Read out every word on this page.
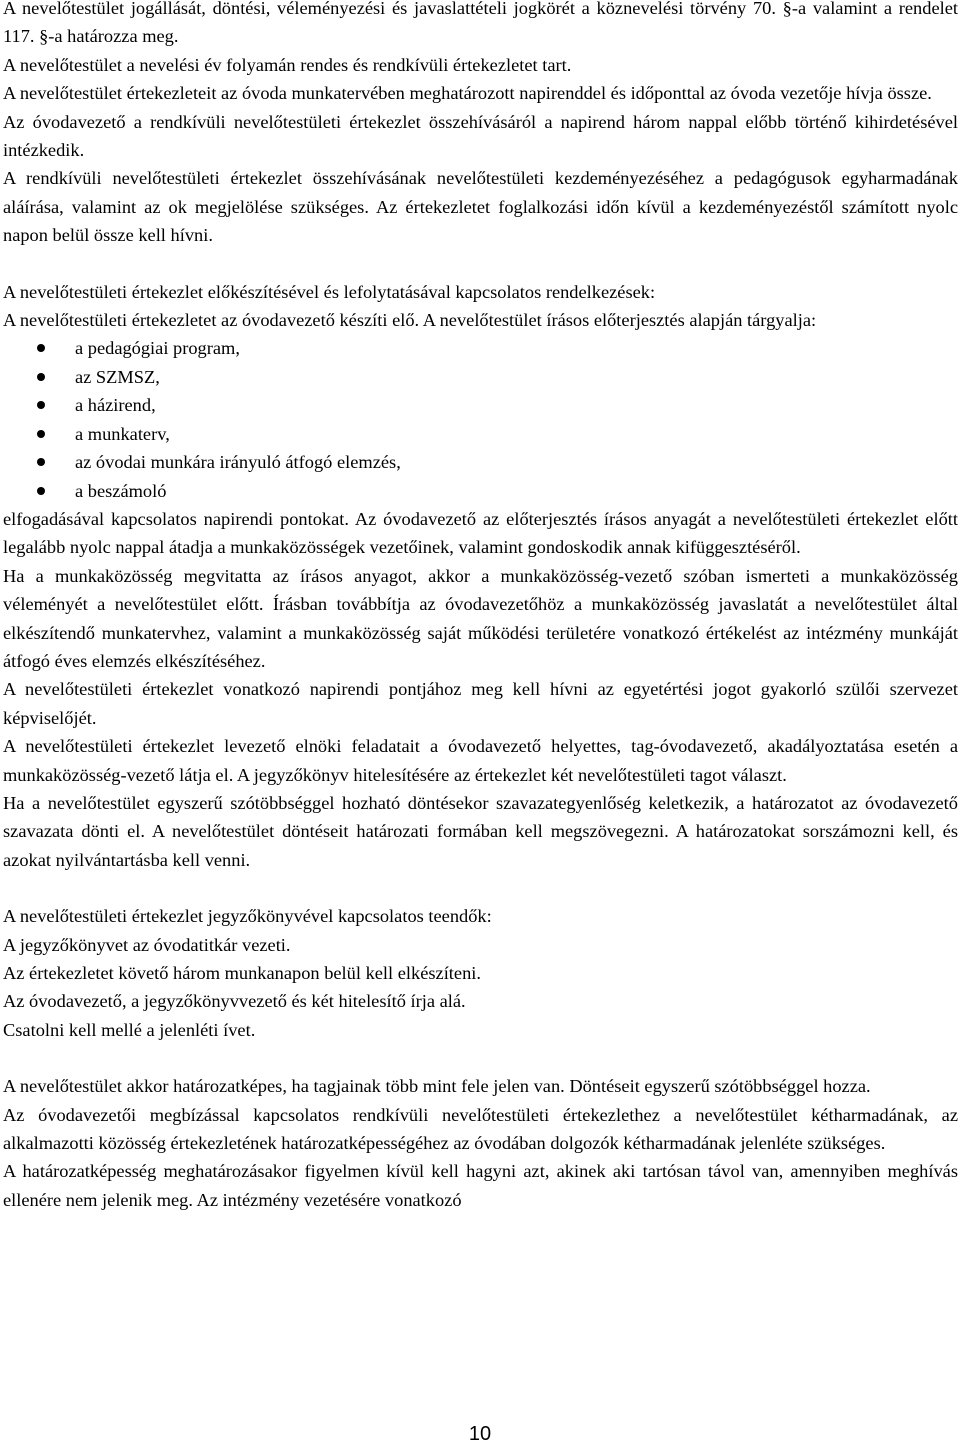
A nevelőtestület jogállását, döntési, véleményezési és javaslattételi jogkörét a köznevelési törvény 70. §-a valamint a rendelet 117. §-a határozza meg.

A nevelőtestület a nevelési év folyamán rendes és rendkívüli értekezletet tart.

A nevelőtestület értekezleteit az óvoda munkatervében meghatározott napirenddel és időponttal az óvoda vezetője hívja össze.

Az óvodavezető a rendkívüli nevelőtestületi értekezlet összehívásáról a napirend három nappal előbb történő kihirdetésével intézkedik.

A rendkívüli nevelőtestületi értekezlet összehívásának nevelőtestületi kezdeményezéséhez a pedagógusok egyharmadának aláírása, valamint az ok megjelölése szükséges. Az értekezletet foglalkozási időn kívül a kezdeményezéstől számított nyolc napon belül össze kell hívni.

A nevelőtestületi értekezlet előkészítésével és lefolytatásával kapcsolatos rendelkezések:

A nevelőtestületi értekezletet az óvodavezető készíti elő. A nevelőtestület írásos előterjesztés alapján tárgyalja:

a pedagógiai program,
az SZMSZ,
a házirend,
a munkaterv,
az óvodai munkára irányuló átfogó elemzés,
a beszámoló

elfogadásával kapcsolatos napirendi pontokat. Az óvodavezető az előterjesztés írásos anyagát a nevelőtestületi értekezlet előtt legalább nyolc nappal átadja a munkaközösségek vezetőinek, valamint gondoskodik annak kifüggesztéséről.

Ha a munkaközösség megvitatta az írásos anyagot, akkor a munkaközösség-vezető szóban ismerteti a munkaközösség véleményét a nevelőtestület előtt. Írásban továbbítja az óvodavezetőhöz a munkaközösség javaslatát a nevelőtestület által elkészítendő munkatervhez, valamint a munkaközösség saját működési területére vonatkozó értékelést az intézmény munkáját átfogó éves elemzés elkészítéséhez.

A nevelőtestületi értekezlet vonatkozó napirendi pontjához meg kell hívni az egyetértési jogot gyakorló szülői szervezet képviselőjét.

A nevelőtestületi értekezlet levezető elnöki feladatait a óvodavezető helyettes, tag-óvodavezető, akadályoztatása esetén a munkaközösség-vezető látja el. A jegyzőkönyv hitelesítésére az értekezlet két nevelőtestületi tagot választ.

Ha a nevelőtestület egyszerű szótöbbséggel hozható döntésekor szavazategyenlőség keletkezik, a határozatot az óvodavezető szavazata dönti el. A nevelőtestület döntéseit határozati formában kell megszövegezni. A határozatokat sorszámozni kell, és azokat nyilvántartásba kell venni.

A nevelőtestületi értekezlet jegyzőkönyvével kapcsolatos teendők:

A jegyzőkönyvet az óvodatitkár vezeti.

Az értekezletet követő három munkanapon belül kell elkészíteni.

Az óvodavezető, a jegyzőkönyvvezető és két hitelesítő írja alá.

Csatolni kell mellé a jelenléti ívet.

A nevelőtestület akkor határozatképes, ha tagjainak több mint fele jelen van. Döntéseit egyszerű szótöbbséggel hozza.

Az óvodavezetői megbízással kapcsolatos rendkívüli nevelőtestületi értekezlethez a nevelőtestület kétharmadának, az alkalmazotti közösség értekezletének határozatképességéhez az óvodában dolgozók kétharmadának jelenléte szükséges.

A határozatképesség meghatározásakor figyelmen kívül kell hagyni azt, akinek aki tartósan távol van, amennyiben meghívás ellenére nem jelenik meg. Az intézmény vezetésére vonatkozó

10
